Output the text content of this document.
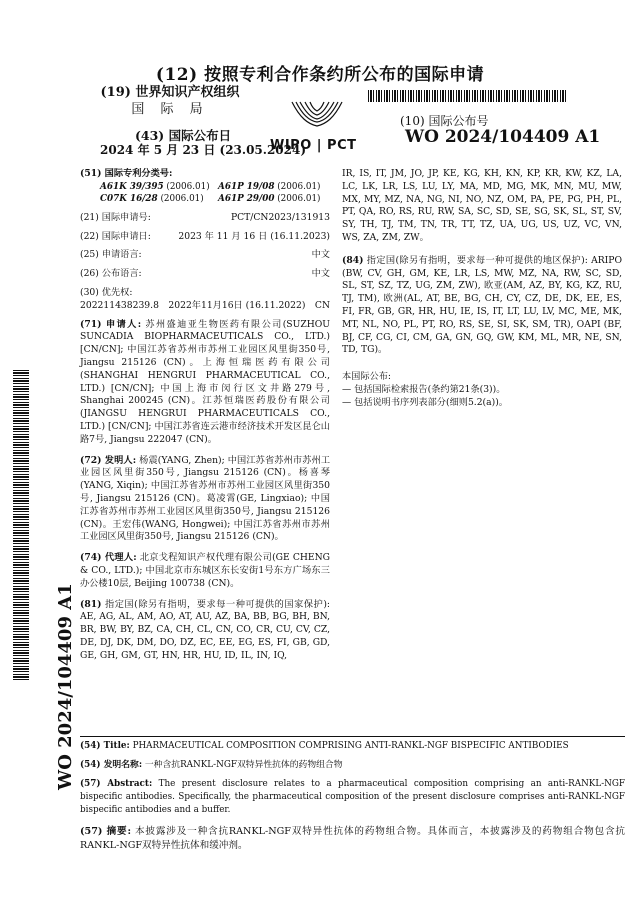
(12) 按照专利合作条约所公布的国际申请
(19) 世界知识产权组织
国 际 局
(43) 国际公布日
2024 年 5 月 23 日 (23.05.2024)
WIPO | PCT
(10) 国际公布号
WO 2024/104409 A1
(51) 国际专利分类号:
A61K 39/395 (2006.01) A61P 19/08 (2006.01)
C07K 16/28 (2006.01)	A61P 29/00 (2006.01)
(21) 国际申请号:	PCT/CN2023/131913
(22) 国际申请日:	2023 年 11 月 16 日 (16.11.2023)
(25) 申请语言:	中文
(26) 公布语言:	中文
(30) 优先权:
202211438239.8 2022年11月16日 (16.11.2022) CN
(71) 申请人: 苏州盛迪亚生物医药有限公司(SUZHOU SUNCADIA BIOPHARMACEUTICALS CO., LTD.) [CN/CN]; 中国江苏省苏州市苏州工业园区风里街350号, Jiangsu 215126 (CN)。上海恒瑞医药有限公司(SHANGHAI HENGRUI PHARMACEUTICAL CO., LTD.) [CN/CN]; 中国上海市闵行区文井路279号, Shanghai 200245 (CN)。江苏恒瑞医药股份有限公司(JIANGSU HENGRUI PHARMACEUTICALS CO., LTD.) [CN/CN]; 中国江苏省连云港市经济技术开发区昆仑山路7号, Jiangsu 222047 (CN)。
(72) 发明人: 杨震(YANG, Zhen); 中国江苏省苏州市苏州工业园区风里街350号, Jiangsu 215126 (CN)。杨喜琴(YANG, Xiqin); 中国江苏省苏州市苏州工业园区风里街350号, Jiangsu 215126 (CN)。葛凌霄(GE, Lingxiao); 中国江苏省苏州市苏州工业园区风里街350号, Jiangsu 215126 (CN)。王宏伟(WANG, Hongwei); 中国江苏省苏州市苏州工业园区风里街350号, Jiangsu 215126 (CN)。
(74) 代理人: 北京戈程知识产权代理有限公司(GE CHENG & CO., LTD.); 中国北京市东城区东长安街1号东方广场东三办公楼10层, Beijing 100738 (CN)。
(81) 指定国(除另有指明，要求每一种可提供的国家保护): AE, AG, AL, AM, AO, AT, AU, AZ, BA, BB, BG, BH, BN, BR, BW, BY, BZ, CA, CH, CL, CN, CO, CR, CU, CV, CZ, DE, DJ, DK, DM, DO, DZ, EC, EE, EG, ES, FI, GB, GD, GE, GH, GM, GT, HN, HR, HU, ID, IL, IN, IQ,
IR, IS, IT, JM, JO, JP, KE, KG, KH, KN, KP, KR, KW, KZ, LA, LC, LK, LR, LS, LU, LY, MA, MD, MG, MK, MN, MU, MW, MX, MY, MZ, NA, NG, NI, NO, NZ, OM, PA, PE, PG, PH, PL, PT, QA, RO, RS, RU, RW, SA, SC, SD, SE, SG, SK, SL, ST, SV, SY, TH, TJ, TM, TN, TR, TT, TZ, UA, UG, US, UZ, VC, VN, WS, ZA, ZM, ZW。
(84) 指定国(除另有指明，要求每一种可提供的地区保护): ARIPO (BW, CV, GH, GM, KE, LR, LS, MW, MZ, NA, RW, SC, SD, SL, ST, SZ, TZ, UG, ZM, ZW), 欧亚(AM, AZ, BY, KG, KZ, RU, TJ, TM), 欧洲(AL, AT, BE, BG, CH, CY, CZ, DE, DK, EE, ES, FI, FR, GB, GR, HR, HU, IE, IS, IT, LT, LU, LV, MC, ME, MK, MT, NL, NO, PL, PT, RO, RS, SE, SI, SK, SM, TR), OAPI (BF, BJ, CF, CG, CI, CM, GA, GN, GQ, GW, KM, ML, MR, NE, SN, TD, TG)。
本国际公布:
— 包括国际检索报告(条约第21条(3))。
— 包括说明书序列表部分(细则5.2(a))。
WO 2024/104409 A1 (54) Title: PHARMACEUTICAL COMPOSITION COMPRISING ANTI-RANKL-NGF BISPECIFIC ANTIBODIES
(54) 发明名称: 一种含抗RANKL-NGF双特异性抗体的药物组合物
(57) Abstract: The present disclosure relates to a pharmaceutical composition comprising an anti-RANKL-NGF bispecific antibodies. Specifically, the pharmaceutical composition of the present disclosure comprises anti-RANKL-NGF bispecific antibodies and a buffer.
(57) 摘要: 本披露涉及一种含抗RANKL-NGF双特异性抗体的药物组合物。具体而言，本披露涉及的药物组合物包含抗RANKL-NGF双特异性抗体和缓冲剂。
